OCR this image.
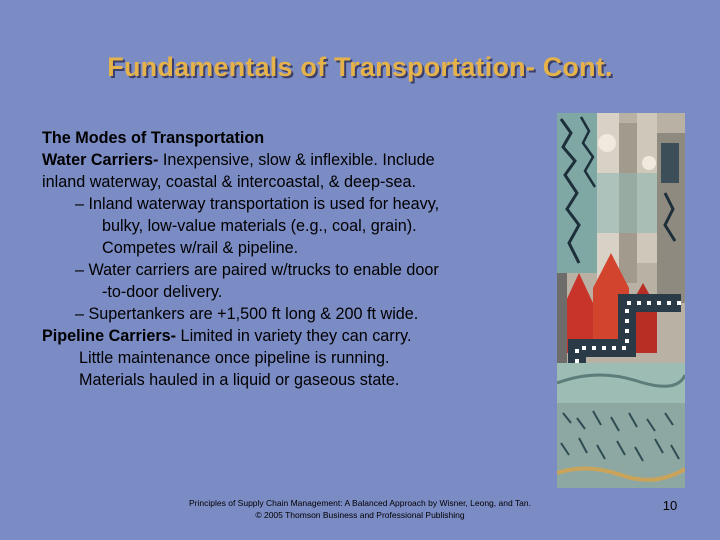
Fundamentals of Transportation- Cont.
The Modes of Transportation
Water Carriers- Inexpensive, slow & inflexible. Include
inland waterway, coastal & intercoastal, & deep-sea.
– Inland waterway transportation is used for heavy,
bulky, low-value materials (e.g., coal, grain).
Competes w/rail & pipeline.
– Water carriers are paired w/trucks to enable door
-to-door delivery.
– Supertankers are +1,500 ft long & 200 ft wide.
Pipeline Carriers- Limited in variety they can carry.
Little maintenance once pipeline is running.
Materials hauled in a liquid or gaseous state.
Principles of Supply Chain Management: A Balanced Approach by Wisner, Leong, and Tan.
© 2005 Thomson Business and Professional Publishing
10
